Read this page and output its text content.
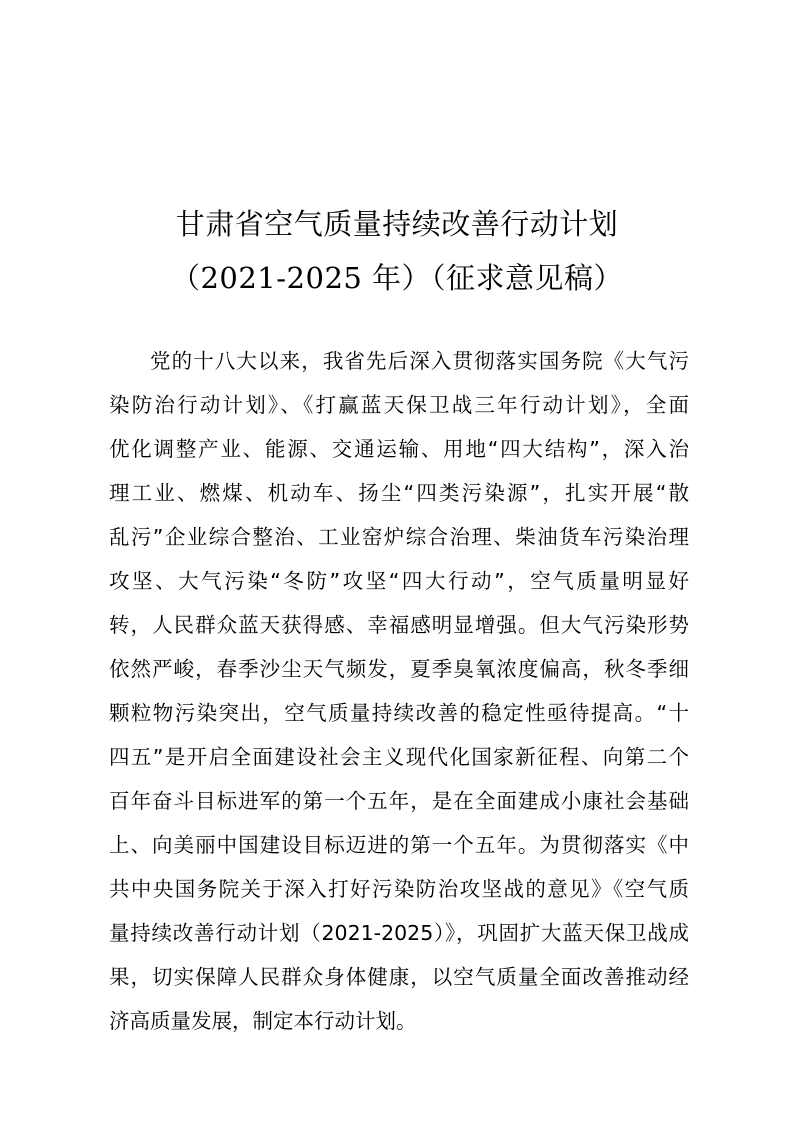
甘肃省空气质量持续改善行动计划
（2021-2025 年）（征求意见稿）
党的十八大以来，我省先后深入贯彻落实国务院《大气污
染防治行动计划》、《打赢蓝天保卫战三年行动计划》，全面
优化调整产业、能源、交通运输、用地“四大结构”，深入治
理工业、燃煤、机动车、扬尘“四类污染源”，扎实开展“散
乱污”企业综合整治、工业窑炉综合治理、柴油货车污染治理
攻坚、大气污染“冬防”攻坚“四大行动”，空气质量明显好
转，人民群众蓝天获得感、幸福感明显增强。但大气污染形势
依然严峻，春季沙尘天气频发，夏季臭氧浓度偏高，秋冬季细
颗粒物污染突出，空气质量持续改善的稳定性亟待提高。“十
四五”是开启全面建设社会主义现代化国家新征程、向第二个
百年奋斗目标进军的第一个五年，是在全面建成小康社会基础
上、向美丽中国建设目标迈进的第一个五年。为贯彻落实《中
共中央国务院关于深入打好污染防治攻坚战的意见》《空气质
量持续改善行动计划（2021-2025）》，巩固扩大蓝天保卫战成
果，切实保障人民群众身体健康，以空气质量全面改善推动经
济高质量发展，制定本行动计划。
